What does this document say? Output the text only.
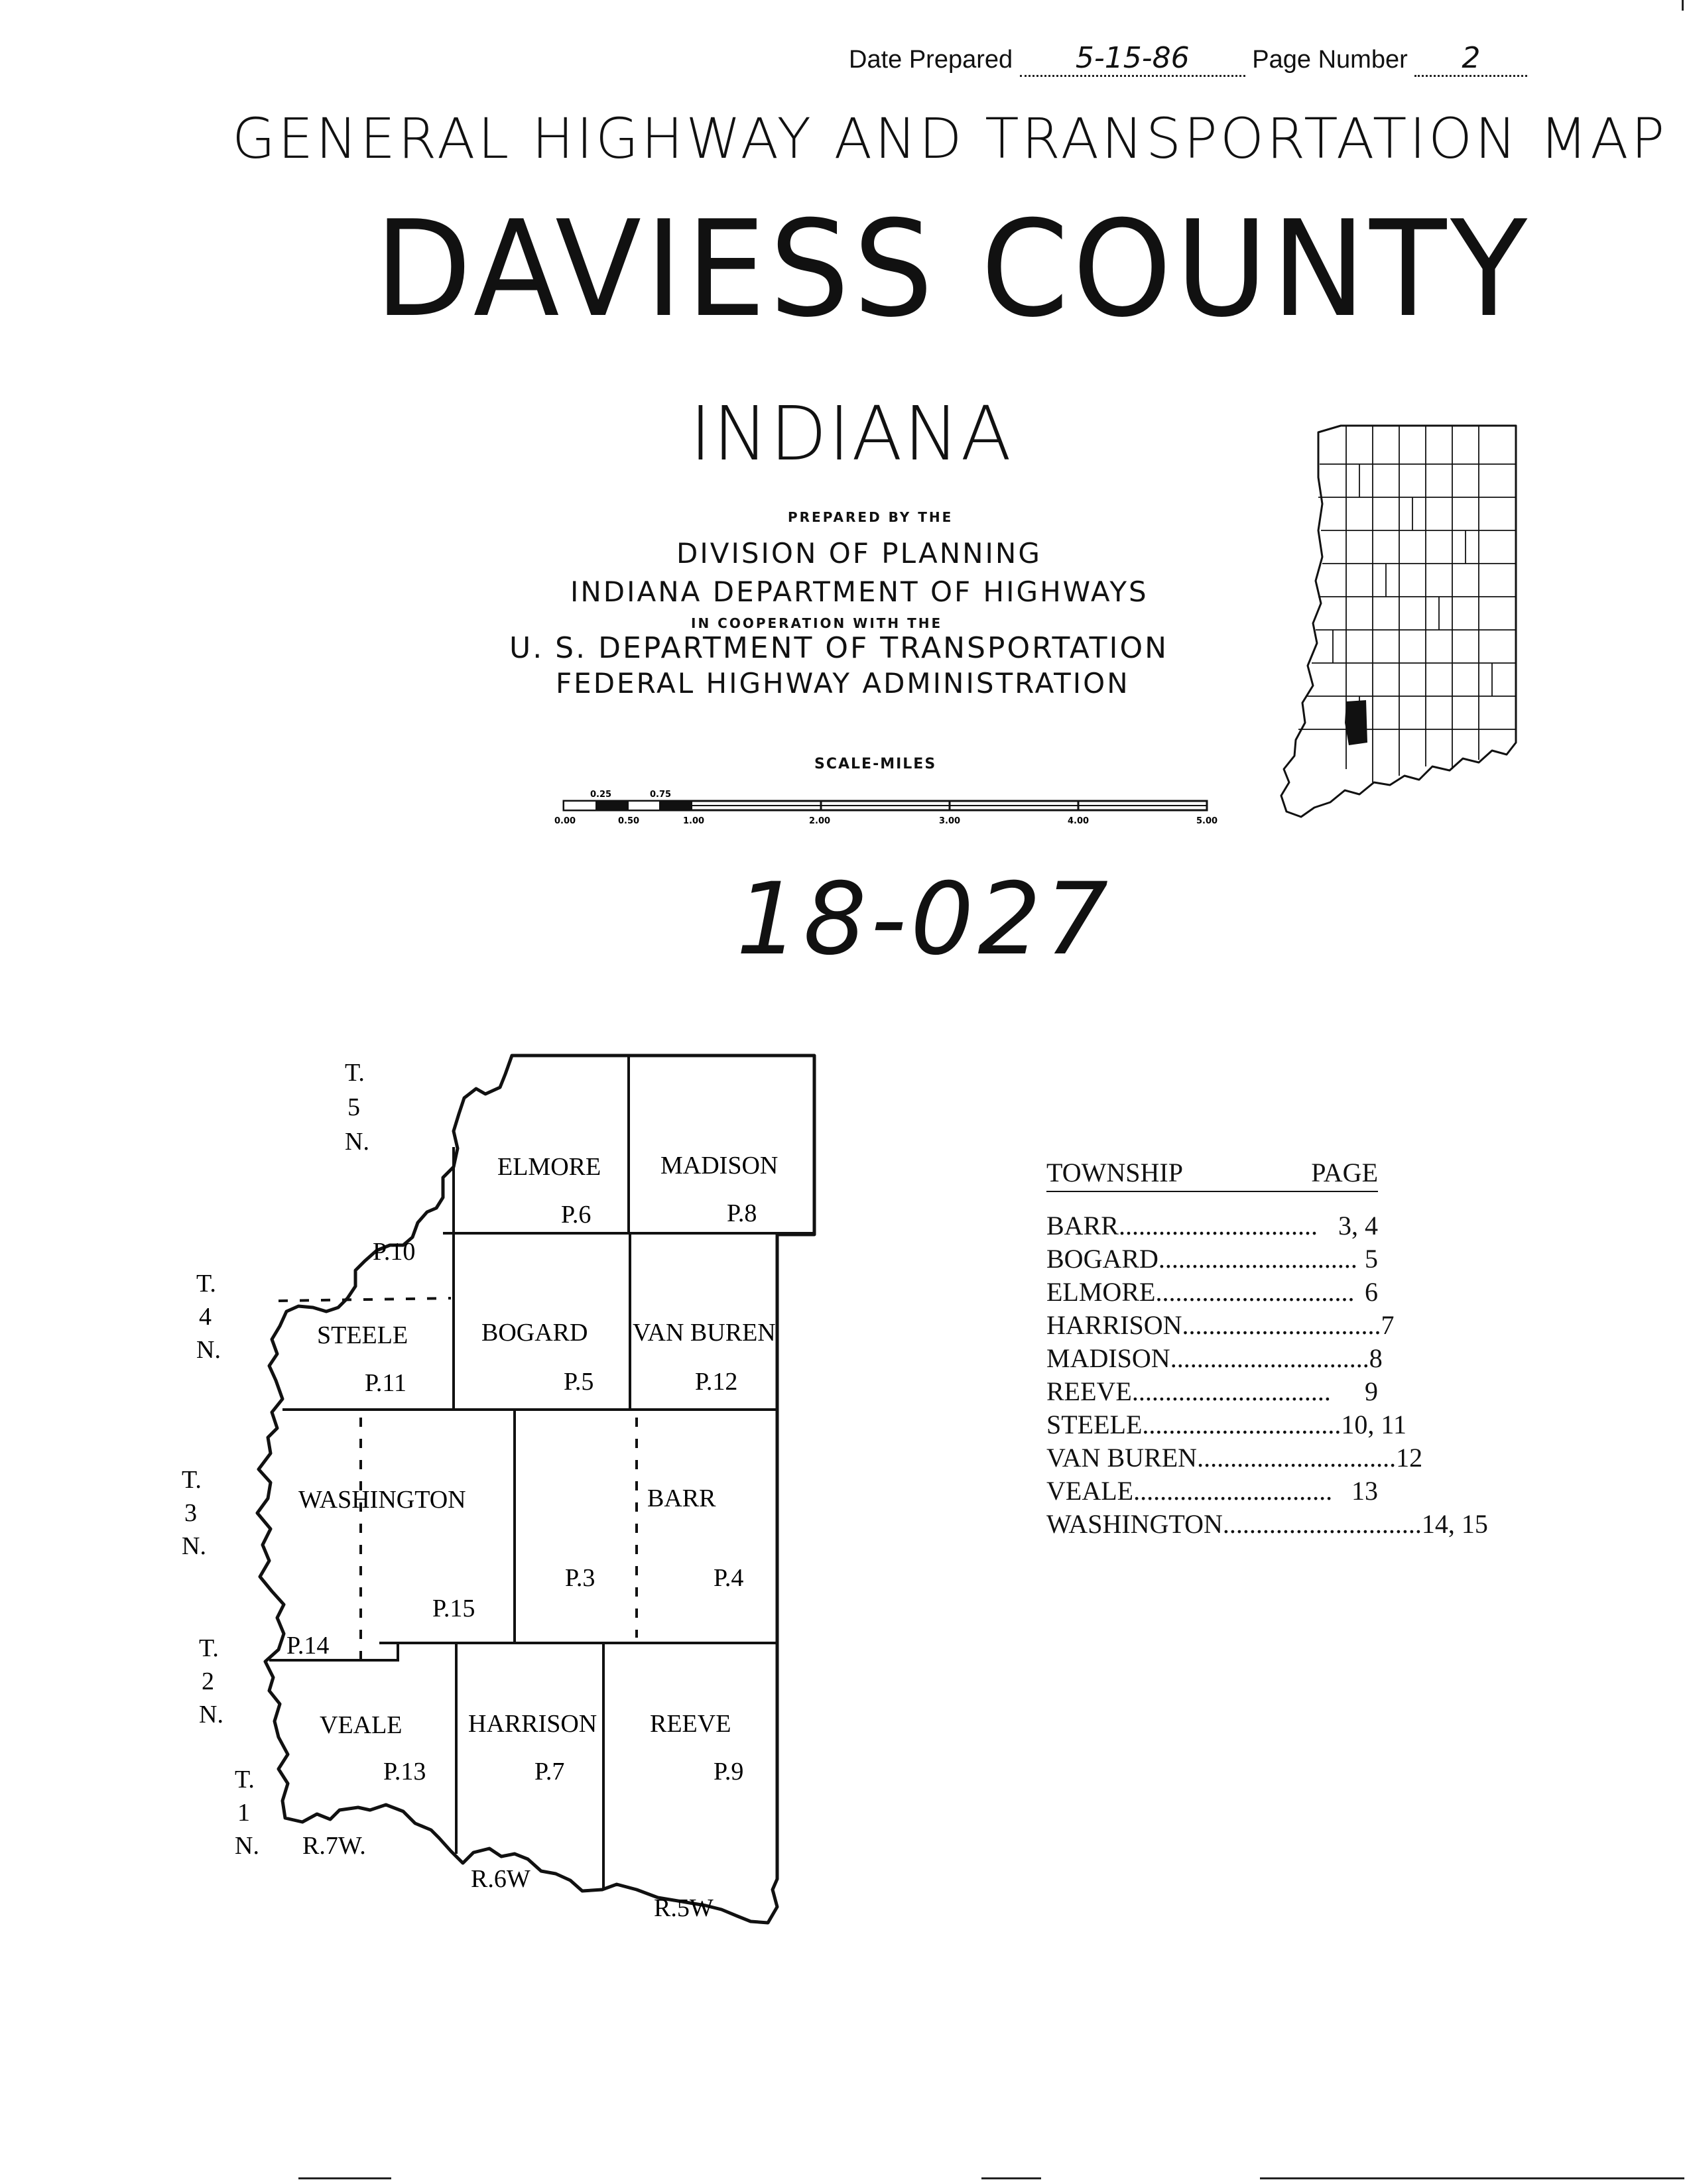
Date Prepared 5-15-86 Page Number 2
GENERAL HIGHWAY AND TRANSPORTATION MAP
DAVIESS COUNTY
INDIANA
PREPARED BY THE
DIVISION OF PLANNING
INDIANA DEPARTMENT OF HIGHWAYS
IN COOPERATION WITH THE
U. S. DEPARTMENT OF TRANSPORTATION
FEDERAL HIGHWAY ADMINISTRATION
SCALE-MILES
0.25	0.75
0.00	0.50	1.00	2.00	3.00	4.00	5.00
18-027
ELMORE
P.6
MADISON
P.8
P.10
STEELE
P.11
BOGARD
P.5
VAN BUREN
P.12
WASHINGTON
P.15
BARR
P.4
P.3
P.14
VEALE
P.13
HARRISON
P.7
REEVE
P.9
T.
5
N.
T.
4
N.
T.
3
N.
T.
2
N.
T.
1
N. R.7W.
R.6W
R.5W
TOWNSHIP	PAGE
BARR.............................. 3, 4
BOGARD.............................. 5
ELMORE.............................. 6
HARRISON.............................. 7
MADISON.............................. 8
REEVE..............................	9
STEELE.............................. 10, 11
VAN BUREN.............................. 12
VEALE.............................. 13
WASHINGTON.............................. 14, 15
